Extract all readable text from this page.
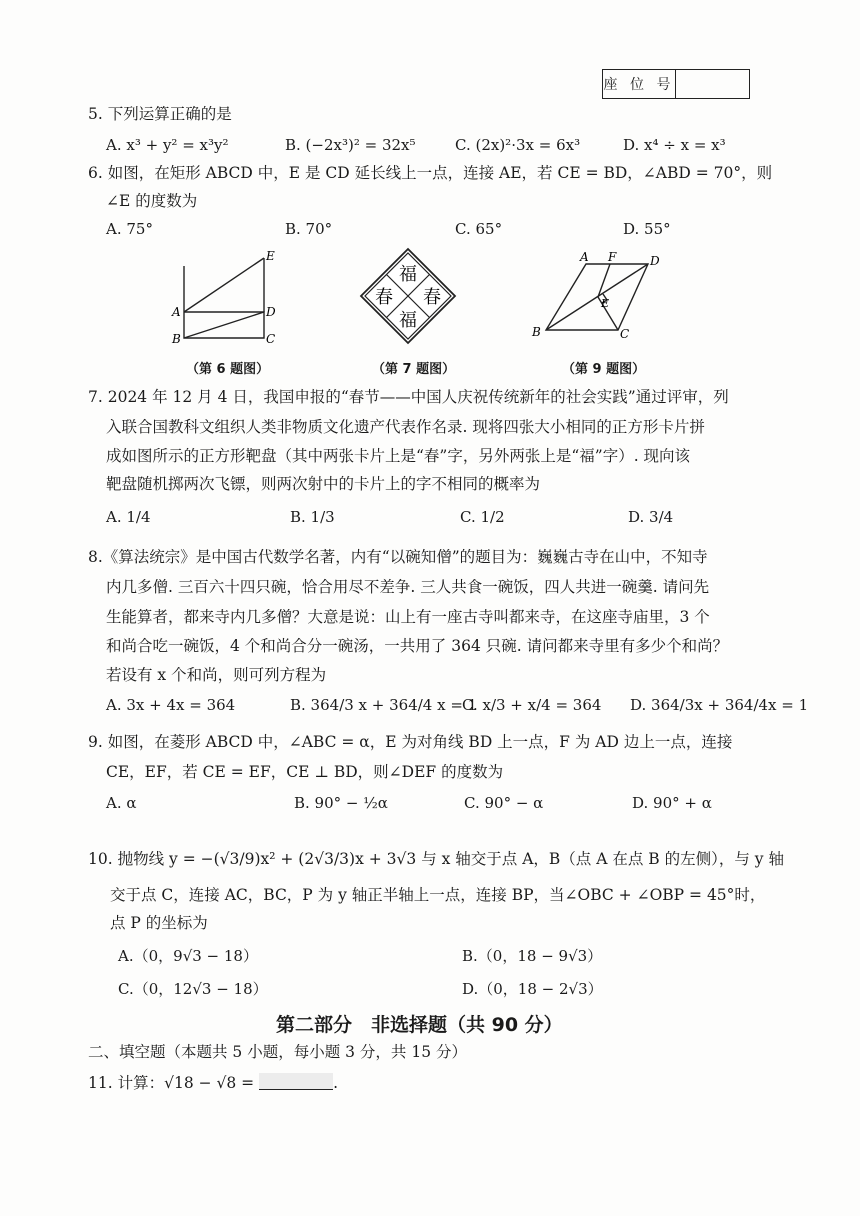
座 位 号
5. 下列运算正确的是
A. x³ + y² = x³y²	B. (−2x³)² = 32x⁵	C. (2x)²·3x = 6x³	D. x⁴ ÷ x = x³
6. 如图，在矩形 ABCD 中，E 是 CD 延长线上一点，连接 AE，若 CE = BD，∠ABD = 70°，则
∠E 的度数为
A. 75°	B. 70°	C. 65°	D. 55°
E
A	D
B	C
（第 6 题图）
福
春 春
福
（第 7 题图）
A F	D
E
B	C
（第 9 题图）
7. 2024 年 12 月 4 日，我国申报的“春节——中国人庆祝传统新年的社会实践”通过评审，列
入联合国教科文组织人类非物质文化遗产代表作名录. 现将四张大小相同的正方形卡片拼
成如图所示的正方形靶盘（其中两张卡片上是“春”字，另外两张上是“福”字）. 现向该
靶盘随机掷两次飞镖，则两次射中的卡片上的字不相同的概率为
A. 1/4	B. 1/3	C. 1/2	D. 3/4
8.《算法统宗》是中国古代数学名著，内有“以碗知僧”的题目为：巍巍古寺在山中，不知寺
内几多僧. 三百六十四只碗，恰合用尽不差争. 三人共食一碗饭，四人共进一碗羹. 请问先
生能算者，都来寺内几多僧？大意是说：山上有一座古寺叫都来寺，在这座寺庙里，3 个
和尚合吃一碗饭，4 个和尚合分一碗汤，一共用了 364 只碗. 请问都来寺里有多少个和尚？
若设有 x 个和尚，则可列方程为
A. 3x + 4x = 364	B. 364/3 x + 364/4 x = 1
C. x/3 + x/4 = 364 D. 364/3x + 364/4x = 1
9. 如图，在菱形 ABCD 中，∠ABC = α，E 为对角线 BD 上一点，F 为 AD 边上一点，连接
CE，EF，若 CE = EF，CE ⊥ BD，则∠DEF 的度数为
A. α	B. 90° − ½α	C. 90° − α	D. 90° + α
10. 抛物线 y = −(√3/9)x² + (2√3/3)x + 3√3 与 x 轴交于点 A，B（点 A 在点 B 的左侧），与 y 轴
交于点 C，连接 AC，BC，P 为 y 轴正半轴上一点，连接 BP，当∠OBC + ∠OBP = 45°时，
点 P 的坐标为
A.（0，9√3 − 18）	B.（0，18 − 9√3）
C.（0，12√3 − 18）	D.（0，18 − 2√3）
第二部分　非选择题（共 90 分）
二、填空题（本题共 5 小题，每小题 3 分，共 15 分）
11. 计算：√18 − √8 =	.
